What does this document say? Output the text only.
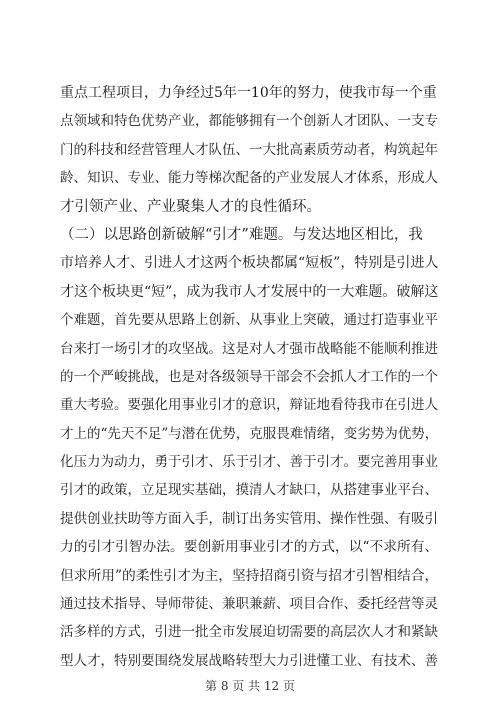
重点工程项目，力争经过5年一10年的努力，使我市每一个重
点领域和特色优势产业，都能够拥有一个创新人才团队、一支专
门的科技和经营管理人才队伍、一大批高素质劳动者，构筑起年
龄、知识、专业、能力等梯次配备的产业发展人才体系，形成人
才引领产业、产业聚集人才的良性循环。
（二）以思路创新破解“引才”难题。与发达地区相比，我
市培养人才、引进人才这两个板块都属“短板”，特别是引进人
才这个板块更“短”，成为我市人才发展中的一大难题。破解这
个难题，首先要从思路上创新、从事业上突破，通过打造事业平
台来打一场引才的攻坚战。这是对人才强市战略能不能顺利推进
的一个严峻挑战，也是对各级领导干部会不会抓人才工作的一个
重大考验。要强化用事业引才的意识，辩证地看待我市在引进人
才上的“先天不足”与潜在优势，克服畏难情绪，变劣势为优势，
化压力为动力，勇于引才、乐于引才、善于引才。要完善用事业
引才的政策，立足现实基础，摸清人才缺口，从搭建事业平台、
提供创业扶助等方面入手，制订出务实管用、操作性强、有吸引
力的引才引智办法。要创新用事业引才的方式，以“不求所有、
但求所用”的柔性引才为主，坚持招商引资与招才引智相结合，
通过技术指导、导师带徒、兼职兼薪、项目合作、委托经营等灵
活多样的方式，引进一批全市发展迫切需要的高层次人才和紧缺
型人才，特别要围绕发展战略转型大力引进懂工业、有技术、善
第 8 页 共 12 页
